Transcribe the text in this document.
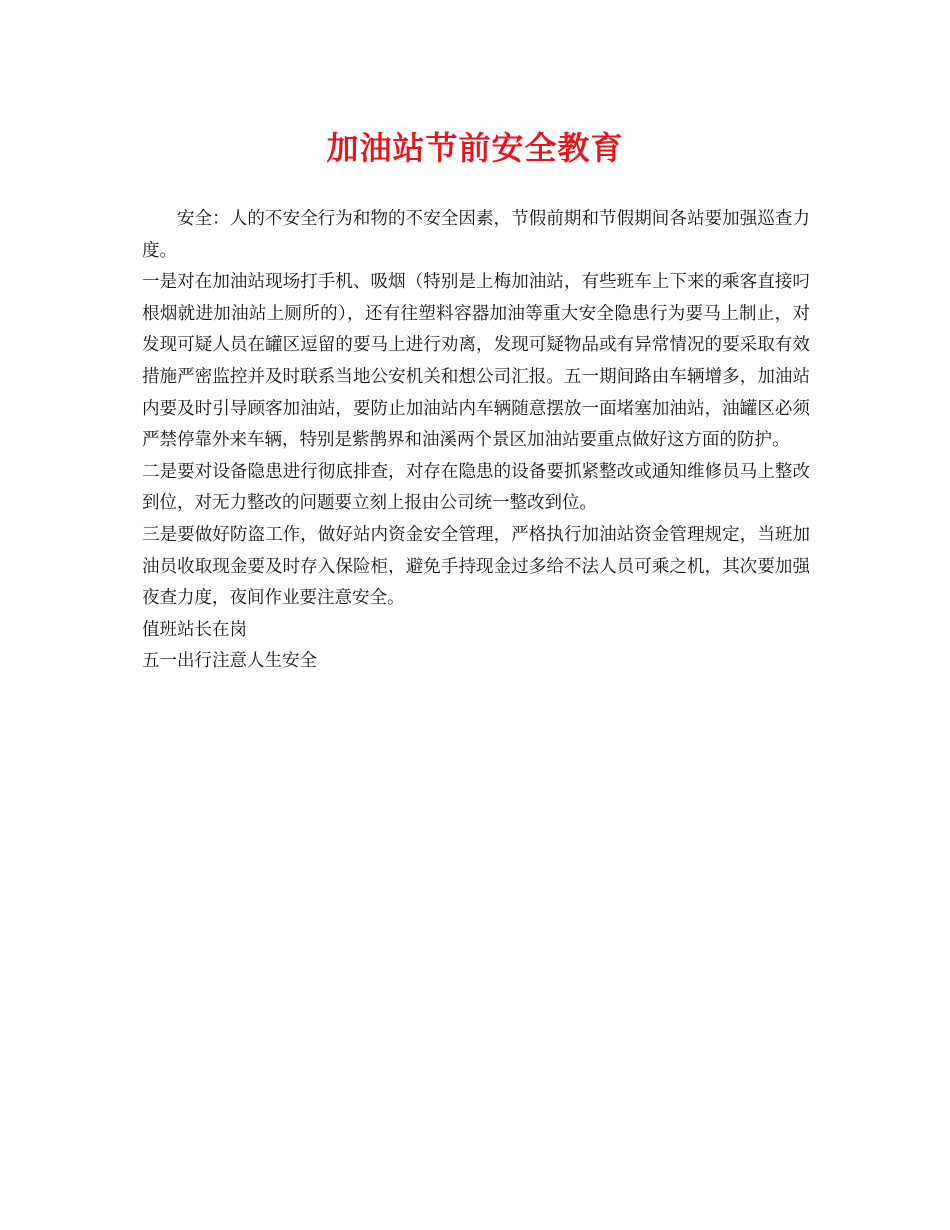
加油站节前安全教育

安全：人的不安全行为和物的不安全因素，节假前期和节假期间各站要加强巡查力度。

一是对在加油站现场打手机、吸烟（特别是上梅加油站，有些班车上下来的乘客直接叼根烟就进加油站上厕所的），还有往塑料容器加油等重大安全隐患行为要马上制止，对发现可疑人员在罐区逗留的要马上进行劝离，发现可疑物品或有异常情况的要采取有效措施严密监控并及时联系当地公安机关和想公司汇报。五一期间路由车辆增多，加油站内要及时引导顾客加油站，要防止加油站内车辆随意摆放一面堵塞加油站，油罐区必须严禁停靠外来车辆，特别是紫鹊界和油溪两个景区加油站要重点做好这方面的防护。

二是要对设备隐患进行彻底排查，对存在隐患的设备要抓紧整改或通知维修员马上整改到位，对无力整改的问题要立刻上报由公司统一整改到位。

三是要做好防盗工作，做好站内资金安全管理，严格执行加油站资金管理规定，当班加油员收取现金要及时存入保险柜，避免手持现金过多给不法人员可乘之机，其次要加强夜查力度，夜间作业要注意安全。

值班站长在岗

五一出行注意人生安全
